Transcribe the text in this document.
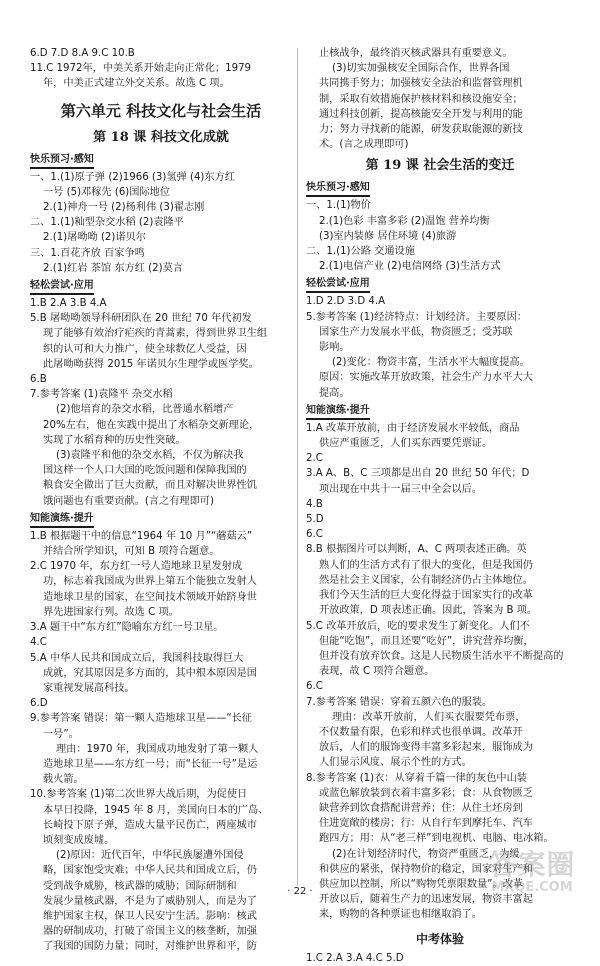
6.D 7.D 8.A 9.C 10.B

11.C 1972年，中美关系开始走向正常化；1979

年，中美正式建立外交关系。故选 C 项。

第六单元 科技文化与社会生活
第 18 课 科技文化成就
快乐预习·感知

一、1.(1)原子弹 (2)1966 (3)氢弹 (4)东方红

一号 (5)邓稼先 (6)国际地位

2.(1)神舟一号 (2)杨利伟 (3)翟志刚

二、1.(1)籼型杂交水稻 (2)袁隆平

2.(1)屠呦呦 (2)诺贝尔

三、1.百花齐放 百家争鸣

2.(1)红岩 茶馆 东方红 (2)莫言

轻松尝试·应用

1.B 2.A 3.B 4.A

5.B 屠呦呦领导科研团队在 20 世纪 70 年代初发

现了能够有效治疗疟疾的青蒿素，得到世界卫生组

织的认可和大力推广，使全球数亿人受益，因

此屠呦呦获得 2015 年诺贝尔生理学或医学奖。

6.B

7.参考答案 (1)袁隆平 杂交水稻

(2)他培育的杂交水稻，比普通水稻增产

20%左右，他在实践中提出了水稻杂交新理论，

实现了水稻育种的历史性突破。

(3)袁隆平和他的杂交水稻，不仅为解决我

国这样一个人口大国的吃饭问题和保障我国的

粮食安全做出了巨大贡献，而且对解决世界性饥

饿问题也有重要贡献。(言之有理即可)

知能演练·提升

1.B 根据题干中的信息“1964 年 10 月”“蘑菇云”

并结合所学知识，可知 B 项符合题意。

2.C 1970 年，东方红一号人造地球卫星发射成

功，标志着我国成为世界上第五个能独立发射人

造地球卫星的国家，在空间技术领域开始跻身世

界先进国家行列。故选 C 项。

3.A 题干中“东方红”隐喻东方红一号卫星。

4.C

5.A 中华人民共和国成立后，我国科技取得巨大

成就，究其原因是多方面的，其中根本原因是国

家重视发展高科技。

6.D

9.参考答案 错误：第一颗人造地球卫星——“长征

一号”。

理由：1970 年，我国成功地发射了第一颗人

造地球卫星——东方红一号；而“长征一号”是运

载火箭。

10.参考答案 (1)第二次世界大战后期，为促使日

本早日投降，1945 年 8 月，美国向日本的广岛、

长崎投下原子弹，造成大量平民伤亡，两座城市

顷刻变成废墟。

(2)原因：近代百年，中华民族屡遭外国侵

略，国家饱受灾难；中华人民共和国成立后，仍

受到战争威胁，核武器的威胁；国际研制和

发展少量核武器，不是为了威胁别人，而是为了

维护国家主权，保卫人民安宁生活。影响：核武

器的研制成功，打破了帝国主义的核垄断，加强

了我国的国防力量；同时，对维护世界和平，防

止核战争，最终消灭核武器具有重要意义。

(3)切实加强核安全国际合作，世界各国

共同携手努力；加强核安全法治和监督管理机

制，采取有效措施保护核材料和核设施安全；

通过科技创新，提高核能安全开发与利用的能

力；努力寻找新的能源，研发获取能源的新技

术。(言之成理即可)

第 19 课 社会生活的变迁
快乐预习·感知

一、1.(1)物价

2.(1)色彩 丰富多彩 (2)温饱 营养均衡

(3)室内装修 居住环境 (4)旅游

二、1.(1)公路 交通设施

2.(1)电信产业 (2)电信网络 (3)生活方式

轻松尝试·应用

1.D 2.D 3.D 4.A

5.参考答案 (1)经济特点：计划经济。主要原因：

国家生产力发展水平低，物资匮乏；受苏联

影响。

(2)变化：物资丰富，生活水平大幅度提高。

原因：实施改革开放政策，社会生产力水平大大

提高。

知能演练·提升

1.A 改革开放前，由于经济发展水平较低，商品

供应严重匮乏，人们买东西要凭票证。

2.C

3.A A、B、C 三项都是出自 20 世纪 50 年代；D

项出现在中共十一届三中全会以后。

4.B

5.D

6.C

8.B 根据图片可以判断，A、C 两项表述正确。英

熟人们的生活方式有了很大的变化，但是我国仍

然是社会主义国家，公有制经济仍占主体地位。

我们今天生活的巨大变化得益于国家实行的改革

开放政策，D 项表述正确。因此，答案为 B 项。

5.C 改革开放后，吃的要求发生了新变化。人们不

但能“吃饱”，而且还要“吃好”，讲究营养均衡，

但并没有放弃饮食。这是人民物质生活水平不断提高的

表现，故 C 项符合题意。

6.C

7.参考答案 错误：穿着五颜六色的服装。

理由：改革开放前，人们买衣服要凭布票，

不仅数量有限，色彩和样式也很单调。改革开

放后，人们的服饰变得丰富多彩起来，服饰成为

人们显示风度、展示个性的方式。

8.参考答案 (1)衣：从穿着千篇一律的灰色中山装

或蓝色解放装到衣着丰富多彩；食：从食物匮乏

缺营养到饮食搭配讲营养；住：从住土坯房到

住进宽敞的楼房；行：从自行车到摩托车、汽车

跑四方；用：从“老三样”到电视机、电脑、电冰箱。

(2)在计划经济时代，物资严重匮乏，为缓

和供应的紧张，保持物价的稳定，国家对生产和

供应加以控制，所以“购物凭票限数量”。改革

开放以后，随着生产力的迅速发展，物资丰富起

来，购物的各种票证也相继取消了。

中考体验

1.C 2.A 3.A 4.C 5.D

· 22 ·
答案圈
MXQE.COM
